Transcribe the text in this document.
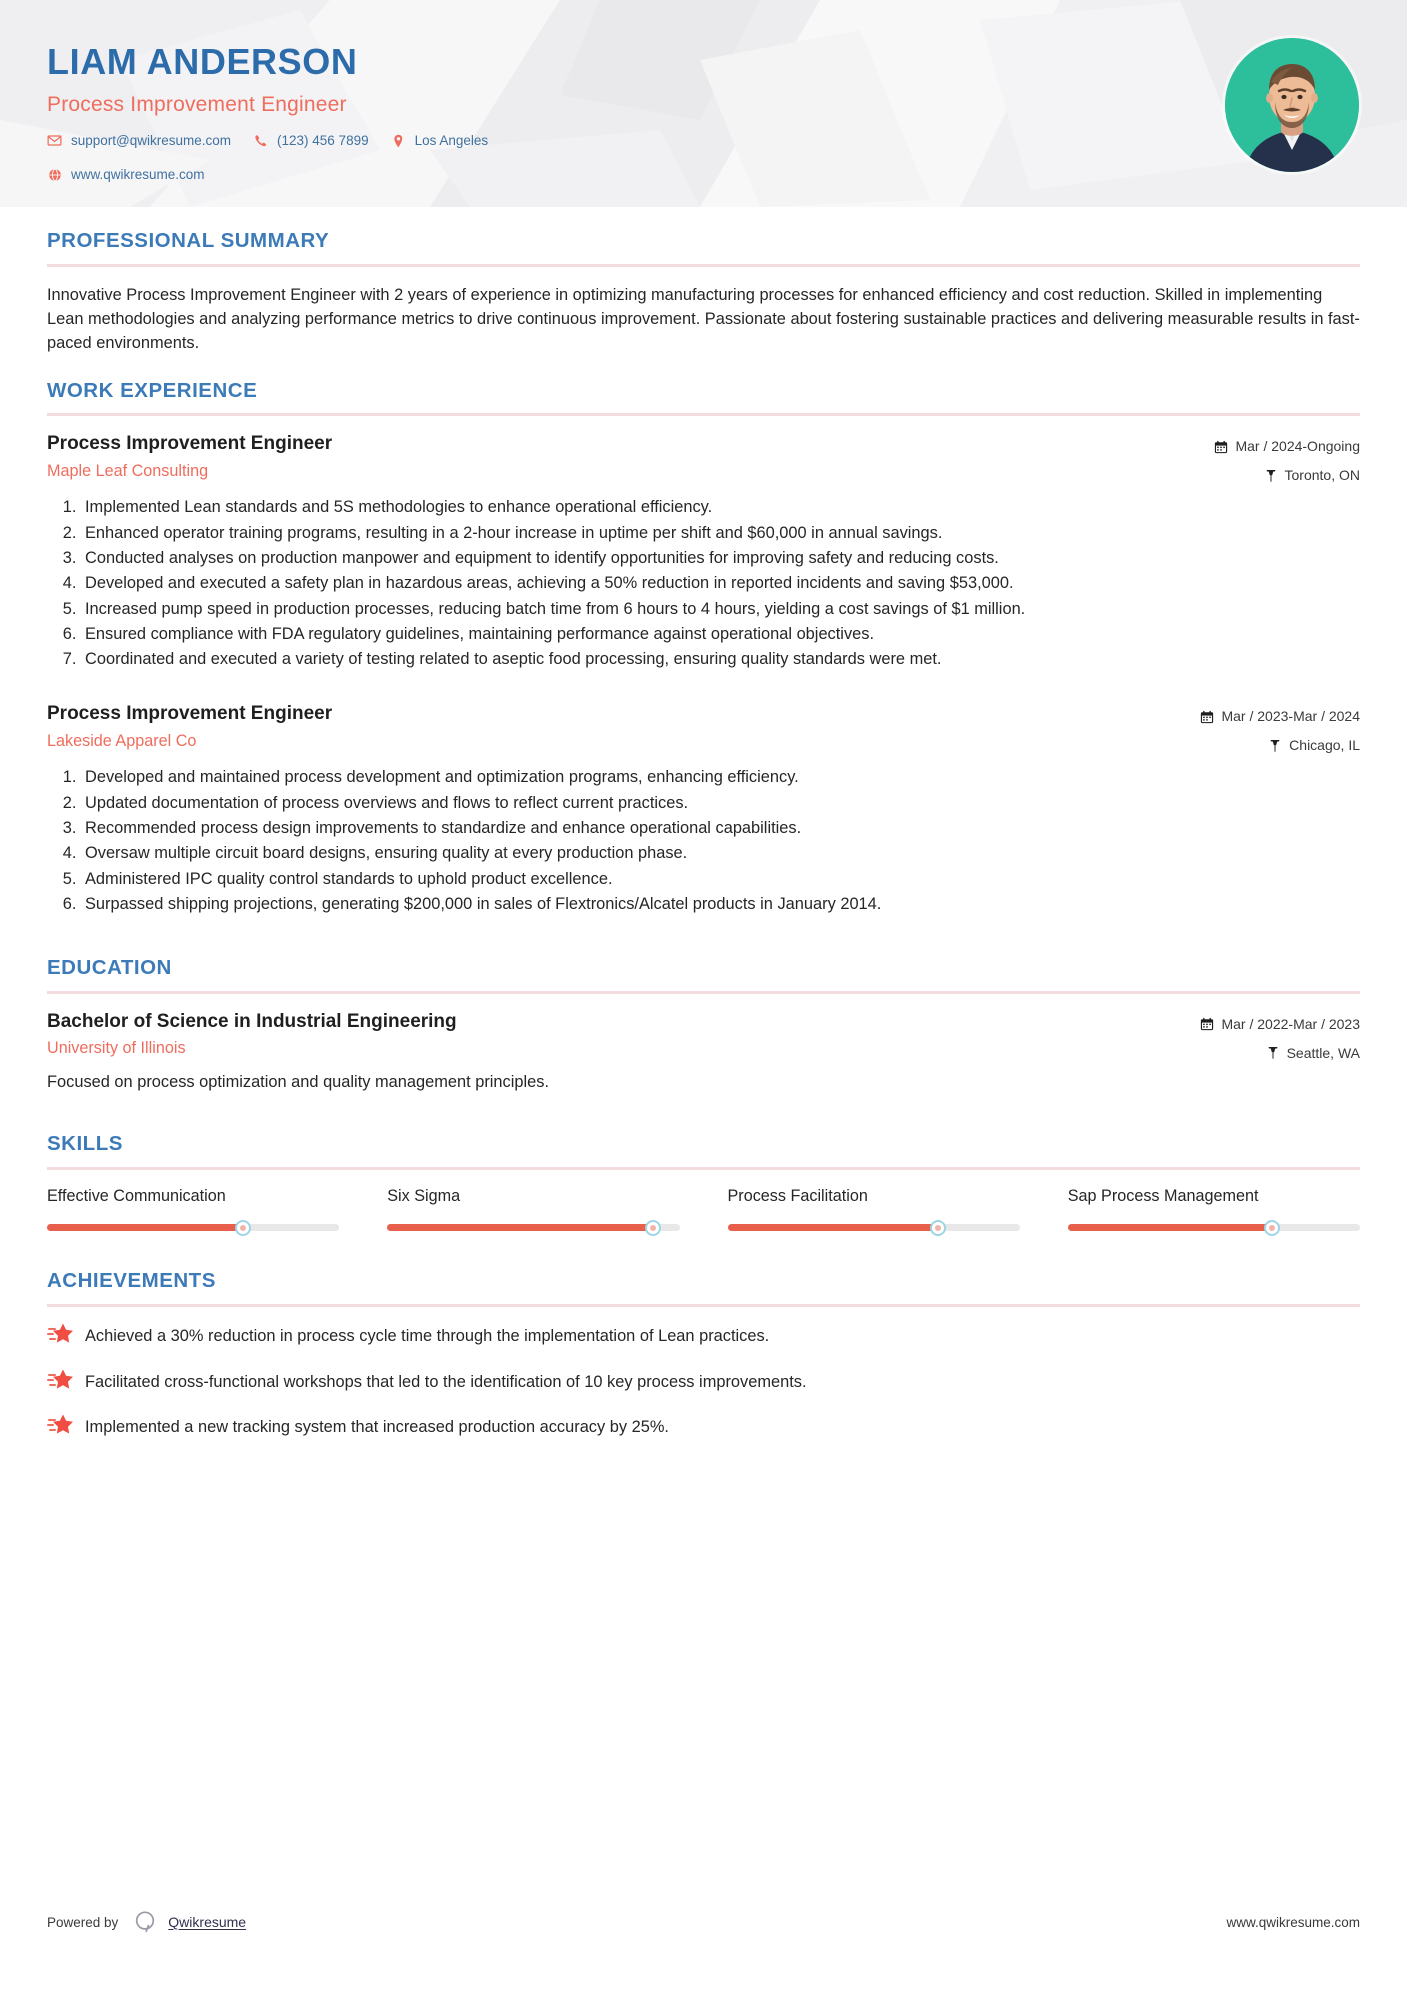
LIAM ANDERSON
Process Improvement Engineer
support@qwikresume.com	(123) 456 7899	Los Angeles
www.qwikresume.com
PROFESSIONAL SUMMARY

Innovative Process Improvement Engineer with 2 years of experience in optimizing manufacturing processes for enhanced efficiency and cost reduction. Skilled in implementing Lean methodologies and analyzing performance metrics to drive continuous improvement. Passionate about fostering sustainable practices and delivering measurable results in fast-paced environments.

WORK EXPERIENCE
Process Improvement Engineer
Maple Leaf Consulting
Mar / 2024-Ongoing
Toronto, ON
1. Implemented Lean standards and 5S methodologies to enhance operational efficiency.
2. Enhanced operator training programs, resulting in a 2-hour increase in uptime per shift and $60,000 in annual savings.
3. Conducted analyses on production manpower and equipment to identify opportunities for improving safety and reducing costs.
4. Developed and executed a safety plan in hazardous areas, achieving a 50% reduction in reported incidents and saving $53,000.
5. Increased pump speed in production processes, reducing batch time from 6 hours to 4 hours, yielding a cost savings of $1 million.
6. Ensured compliance with FDA regulatory guidelines, maintaining performance against operational objectives.
7. Coordinated and executed a variety of testing related to aseptic food processing, ensuring quality standards were met.
Process Improvement Engineer
Lakeside Apparel Co
Mar / 2023-Mar / 2024
Chicago, IL
1. Developed and maintained process development and optimization programs, enhancing efficiency.
2. Updated documentation of process overviews and flows to reflect current practices.
3. Recommended process design improvements to standardize and enhance operational capabilities.
4. Oversaw multiple circuit board designs, ensuring quality at every production phase.
5. Administered IPC quality control standards to uphold product excellence.
6. Surpassed shipping projections, generating $200,000 in sales of Flextronics/Alcatel products in January 2014.
EDUCATION
Bachelor of Science in Industrial Engineering
University of Illinois
Mar / 2022-Mar / 2023
Seattle, WA

Focused on process optimization and quality management principles.

SKILLS
Effective Communication	Six Sigma	Process Facilitation	Sap Process Management
ACHIEVEMENTS
Achieved a 30% reduction in process cycle time through the implementation of Lean practices.
Facilitated cross-functional workshops that led to the identification of 10 key process improvements.
Implemented a new tracking system that increased production accuracy by 25%.
Powered by	Qwikresume	www.qwikresume.com
